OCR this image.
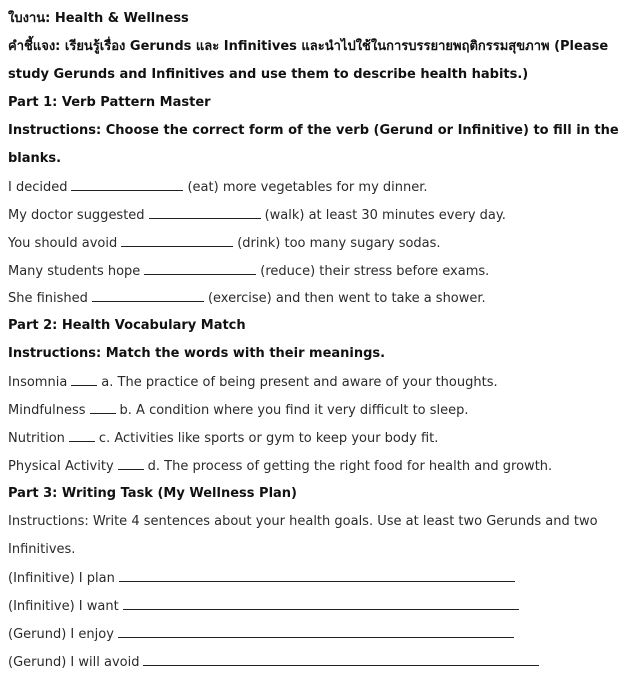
ใบงาน: Health & Wellness
คำชี้แจง: เรียนรู้เรื่อง Gerunds และ Infinitives และนำไปใช้ในการบรรยายพฤติกรรมสุขภาพ (Please
study Gerunds and Infinitives and use them to describe health habits.)
Part 1: Verb Pattern Master
Instructions: Choose the correct form of the verb (Gerund or Infinitive) to fill in the
blanks.
I decided	(eat) more vegetables for my dinner.
My doctor suggested	(walk) at least 30 minutes every day.
You should avoid	(drink) too many sugary sodas.
Many students hope	(reduce) their stress before exams.
She finished	(exercise) and then went to take a shower.
Part 2: Health Vocabulary Match
Instructions: Match the words with their meanings.
Insomnia	a. The practice of being present and aware of your thoughts.
Mindfulness	b. A condition where you find it very difficult to sleep.
Nutrition	c. Activities like sports or gym to keep your body fit.
Physical Activity	d. The process of getting the right food for health and growth.
Part 3: Writing Task (My Wellness Plan)
Instructions: Write 4 sentences about your health goals. Use at least two Gerunds and two
Infinitives.
(Infinitive) I plan
(Infinitive) I want
(Gerund) I enjoy
(Gerund) I will avoid
